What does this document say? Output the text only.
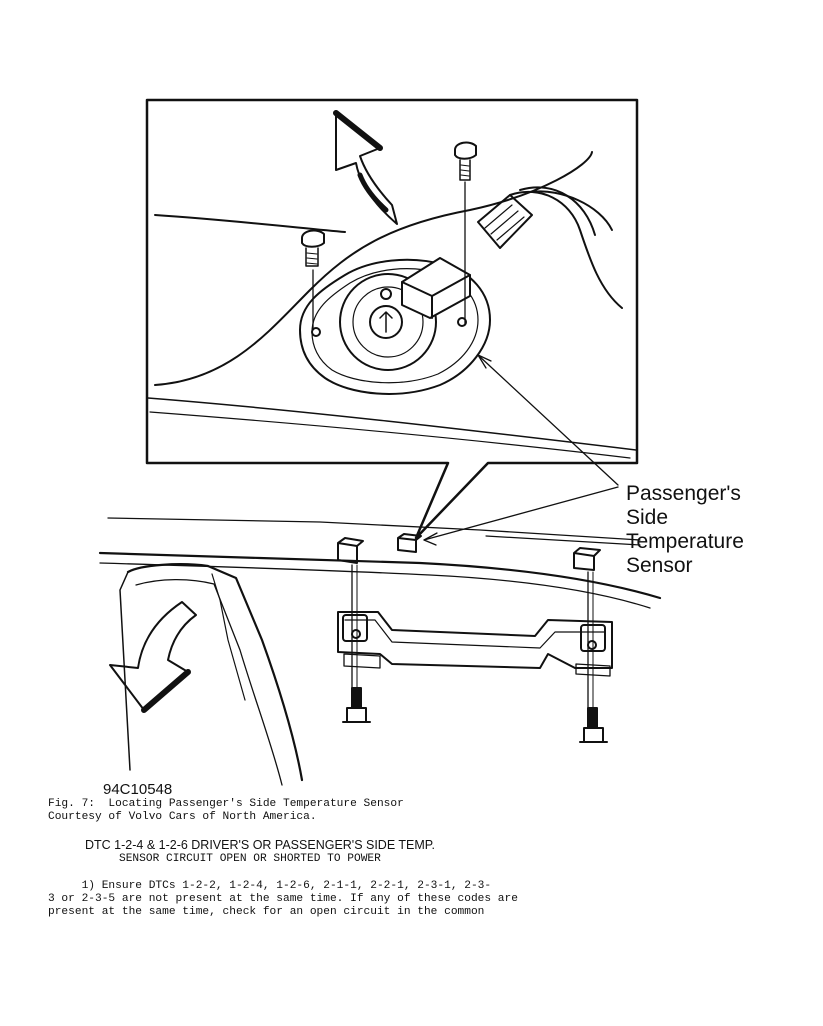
Passenger's
Side
Temperature
Sensor
94C10548
Fig. 7:  Locating Passenger's Side Temperature Sensor
Courtesy of Volvo Cars of North America.
DTC 1-2-4 & 1-2-6 DRIVER'S OR PASSENGER'S SIDE TEMP.
SENSOR CIRCUIT OPEN OR SHORTED TO POWER
1) Ensure DTCs 1-2-2, 1-2-4, 1-2-6, 2-1-1, 2-2-1, 2-3-1, 2-3-
3 or 2-3-5 are not present at the same time. If any of these codes are
present at the same time, check for an open circuit in the common
